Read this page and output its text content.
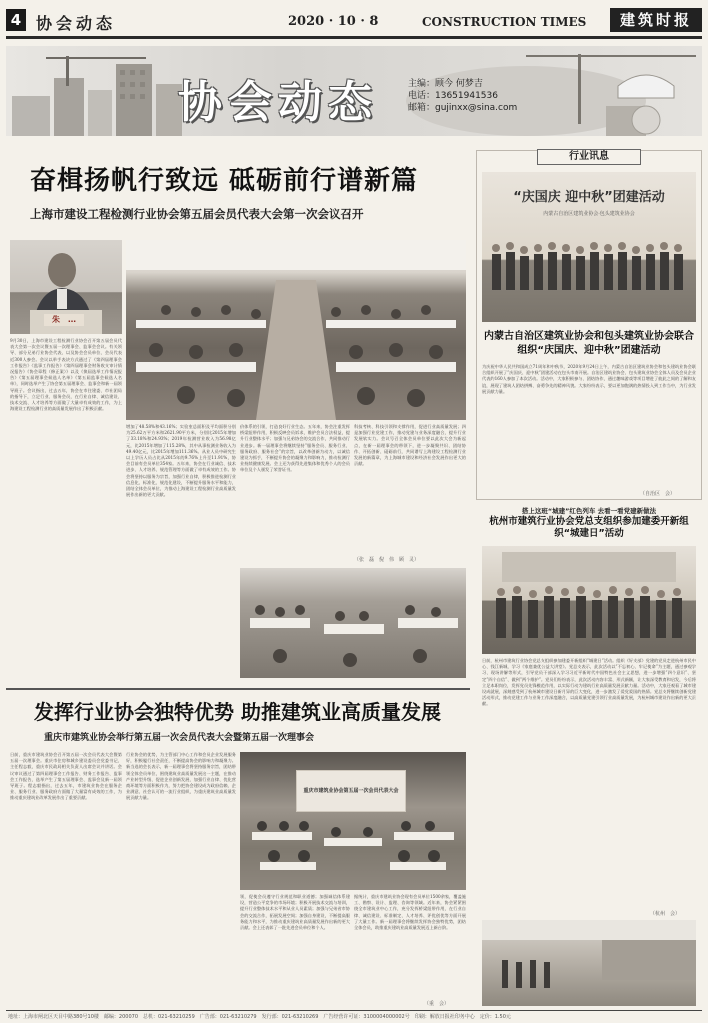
4 协会动态	2020 · 10 · 8	CONSTRUCTION TIMES	建筑时报
协会动态	主编：顾今 何梦吉
电话：13651941536
邮箱：gujinxx@sina.com
奋楫扬帆行致远 砥砺前行谱新篇
上海市建设工程检测行业协会第五届会员代表大会第一次会议召开
朱　…
9月30日，上海市建设工程检测行业协会召开第五届会员代表大会第一次会议暨五届一次理事会、监事会会议。有关领导、部分兄弟行业协会代表、以及协会会员单位、会员代表近300人参会。会议以举手表决方式通过了《第四届理事会工作报告》《监事工作报告》《第四届理事会财务收支审计情况报告》《协会章程（修正案）》以及《换届选举工作情况报告》《第五届理事会候选人名单》《第五届监事会候选人名单》，同时选举产生了协会第五届理事会、监事会和新一届领导班子。会议指出，过去五年，协会在市住建委、市社团局的指导下，立足行业、服务会员，在行业自律、诚信建设、技术交流、人才培养等方面做了大量卓有成效的工作，为上海建设工程检测行业的高质量发展作出了积极贡献。
增加了48.58%和43.16%；实验室总面积及平均面积分别为25.62万平方米和2621.90平方米，分别比2015年增加了33.18%和24.93%；2019年检测营业收入为56.98亿元，比2015年增加了115.28%，其中从事检测业务收入为49.40亿元，比2015年增加111.36%。从业人员中研究生以上学历人员占比从2015年的9.76%上升至11.91%，协会目前有会员单位354家。五年来，协会在行业诚信、技术进步、人才培养、规范管理等方面做了卓有成效的工作。协会将坚持以服务为宗旨，加强行业自律，积极推进检测行业信息化、标准化、规范化建设，不断提升服务水平和能力，团结全体会员单位，为推动上海建设工程检测行业高质量发展作出新的更大贡献。
价体系的引领，打造良好行业生态。五年来，协会注重发挥桥梁纽带作用，积极反映会员诉求，维护会员合法权益，提升行业整体水平；加强与兄弟协会的交流合作，共同推动行业进步。新一届理事会将继续坚持“服务会员、服务行业、服务政府、服务社会”的宗旨，以改革创新为动力，以诚信建设为抓手，不断提升协会的凝聚力和影响力，推动检测行业持续健康发展。会上还为获得先进集体和优秀个人的会员单位及个人颁发了荣誉证书。
科技考核、科技引领和支撑作用，促进行业高质量发展；四是加强行业党建工作，推动党建与业务深度融合，提升行业发展软实力。会议号召全体会员单位要以此次大会为新起点，在新一届理事会的带领下，进一步凝聚共识、团结协作、开拓创新、砥砺前行，共同谱写上海建设工程检测行业发展的新篇章，为上海城市建设和经济社会发展作出更大的贡献。
（张　磊　倪　伟　顾　灵）
行业讯息
“庆国庆 迎中秋”团建活动
内蒙古自治区建筑业协会·包头建筑业协会
内蒙古自治区建筑业协会和包头建筑业协会联合组织“庆国庆、迎中秋”团建活动
为庆祝中华人民共和国成立71周年和中秋节，2020年9月24日上午，内蒙古自治区建筑业协会和包头建筑业协会联合组织开展了“庆国庆、迎中秋”团建活动在包头市南开展。自治区建筑业协会、包头建筑业协会全体人员及会员企业代表约160人参加了本次活动。活动中，大家积极参与、团结协作，通过趣味游戏等项目增进了彼此之间的了解和友谊，展现了建筑人团结拼搏、奋勇争先的精神风貌。大家纷纷表示，要以更加饱满的热情投入到工作当中，为行业发展贡献力量。
（自治区　会）
搭上这班“城建”红色列车 去看一看党建新做法
杭州市建筑行业协会党总支组织参加建委开新组织“城建日”活动
日前，杭州市建筑行业协会党总支组织参加建委开新组织“城建日”活动。组织《好支部》党建的党员走进杭州市民中心、钱江新城，学习《家庭兼优公益大讲堂》。党总支表示，此次活动以“不忘初心、牢记使命”为主题，通过参观学习、现场讲解等形式，引导党员干部深入学习习近平新时代中国特色社会主义思想，进一步增强“四个意识”、坚定“四个自信”、做到“两个维护”。党员们纷纷表示，此次活动内容丰富、形式新颖，让大家深受教育和启发，今后将立足本职岗位，发挥党员先锋模范作用，以实际行动为建筑行业高质量发展贡献力量。活动中，大家还观看了城市建设成就展，深刻感受到了杭州城市建设日新月异的巨大变化，进一步激发了爱党爱国的热情。党总支将继续创新党建活动形式，推动党建工作与业务工作深度融合，以高质量党建引领行业高质量发展，为杭州城市建设作出新的更大贡献。
（杭州　会）
发挥行业协会独特优势 助推建筑业高质量发展
重庆市建筑业协会举行第五届一次会员代表大会暨第五届一次理事会
日前，重庆市建筑业协会召开第五届一次会员代表大会暨第五届一次理事会。重庆市住房和城乡建设委员会党委书记、主任程志毅，重庆市民政局相关负责人出席会议并讲话。会议审议通过了第四届理事会工作报告、财务工作报告、监事会工作报告，选举产生了第五届理事会、监事会及新一届领导班子。程志毅指出，过去五年，市建筑业协会在服务企业、服务行业、服务政府方面做了大量富有成效的工作，为推动重庆建筑业改革发展作出了重要贡献。
行业协会的优势，为主管部门中心工作和会员企业发展服务好，积极履行社会责任，不断提高协会的影响力和凝聚力。新当选的会长表示，新一届理事会将坚持服务宗旨，团结带领全体会员单位，围绕建筑业高质量发展这一主题，在推动产业转型升级、促进企业创新发展、加强行业自律、优化营商环境等方面积极作为，努力把协会建设成为政府信赖、企业满意、社会认可的一流行业组织，为重庆建筑业高质量发展贡献力量。
重庆市建筑业协会第五届一次会员代表大会
领，促使会员遵守行业规范和职业道德；加强诚信体系建设，营造公平竞争的市场环境；积极开展技术交流与培训，提升行业整体技术水平和从业人员素质；加强与兄弟省市协会的交流合作，拓展发展空间；加强自身建设，不断提高服务能力和水平，为推动重庆建筑业高质量发展作出新的更大贡献。会上还表彰了一批先进会员单位和个人。
据统计，重庆市建筑业协会现有会员单位1500余家，覆盖施工、勘察、设计、监理、咨询等领域。近年来，协会紧紧围绕全市建筑业中心工作，充分发挥桥梁纽带作用，在行业自律、诚信建设、标准制定、人才培养、评优创优等方面开展了大量工作。新一届理事会将继续发挥协会独特优势，团结全体会员，助推重庆建筑业高质量发展迈上新台阶。
（重　会）
地址：上海市闸北区天目中路380号10楼　邮编：200070　总机：021-63210259　广告部：021-63210279　发行部：021-63210269　广告经营许可证：3100004000002号　印刷：解放日报社印务中心　定价：1.50元
